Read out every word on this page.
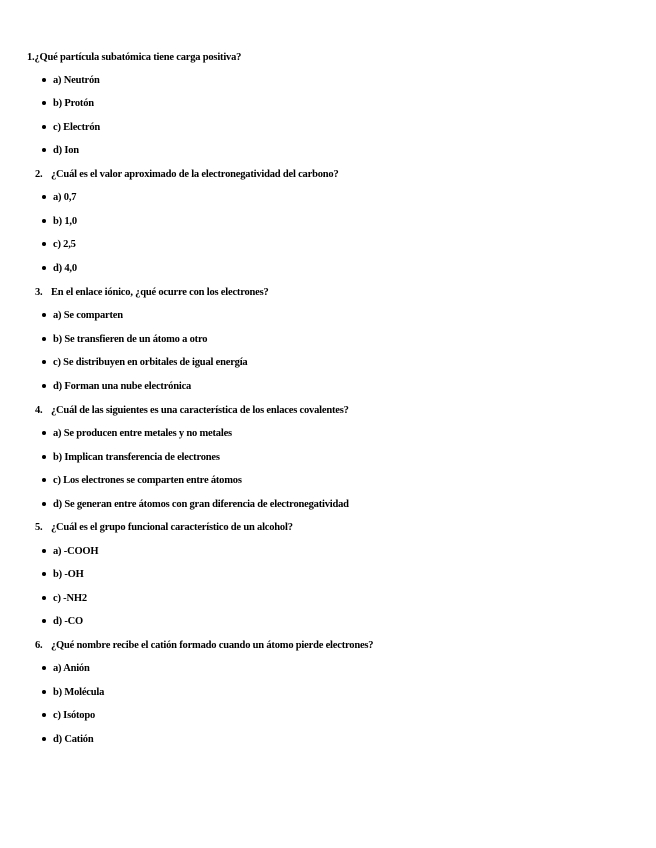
1.¿Qué partícula subatómica tiene carga positiva?
a) Neutrón
b) Protón
c) Electrón
d) Ion
2. ¿Cuál es el valor aproximado de la electronegatividad del carbono?
a) 0,7
b) 1,0
c) 2,5
d) 4,0
3. En el enlace iónico, ¿qué ocurre con los electrones?
a) Se comparten
b) Se transfieren de un átomo a otro
c) Se distribuyen en orbitales de igual energía
d) Forman una nube electrónica
4. ¿Cuál de las siguientes es una característica de los enlaces covalentes?
a) Se producen entre metales y no metales
b) Implican transferencia de electrones
c) Los electrones se comparten entre átomos
d) Se generan entre átomos con gran diferencia de electronegatividad
5. ¿Cuál es el grupo funcional característico de un alcohol?
a) -COOH
b) -OH
c) -NH2
d) -CO
6. ¿Qué nombre recibe el catión formado cuando un átomo pierde electrones?
a) Anión
b) Molécula
c) Isótopo
d) Catión
